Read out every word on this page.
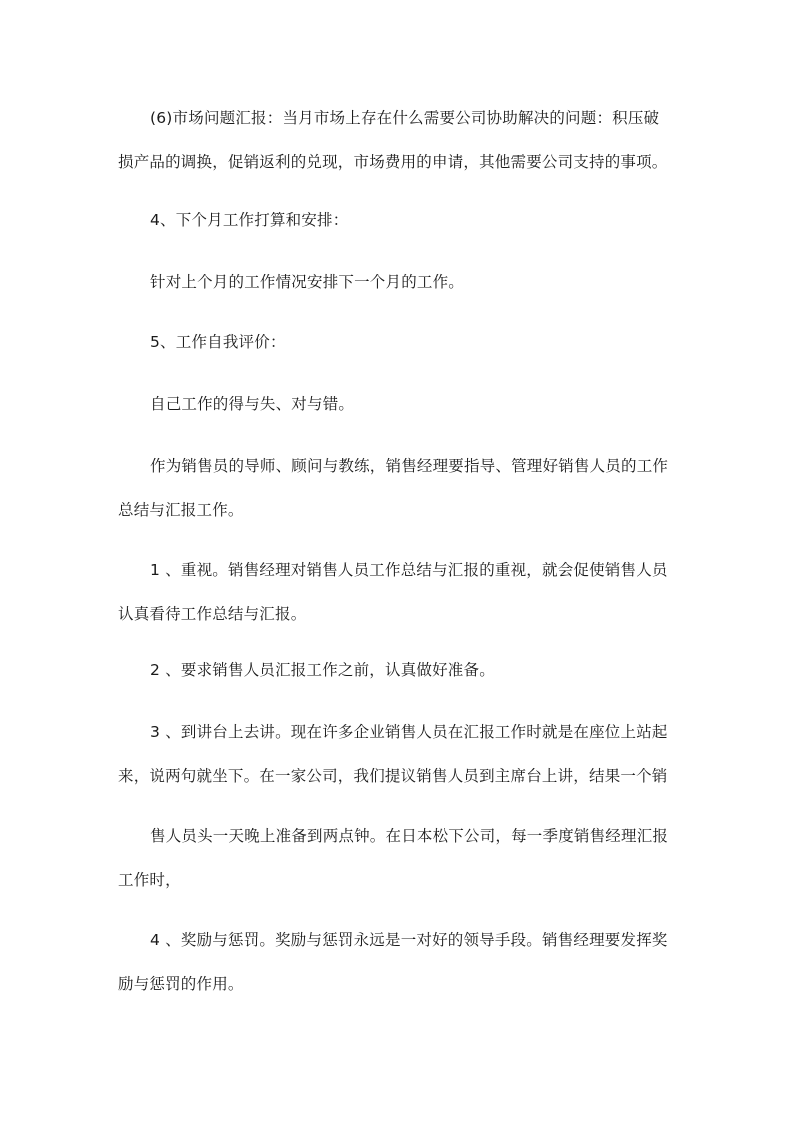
(6)市场问题汇报：当月市场上存在什么需要公司协助解决的问题：积压破
损产品的调换，促销返利的兑现，市场费用的申请，其他需要公司支持的事项。
4、下个月工作打算和安排：
针对上个月的工作情况安排下一个月的工作。
5、工作自我评价：
自己工作的得与失、对与错。
作为销售员的导师、顾问与教练，销售经理要指导、管理好销售人员的工作
总结与汇报工作。
1 、重视。销售经理对销售人员工作总结与汇报的重视，就会促使销售人员
认真看待工作总结与汇报。
2 、要求销售人员汇报工作之前，认真做好准备。
3 、到讲台上去讲。现在许多企业销售人员在汇报工作时就是在座位上站起
来，说两句就坐下。在一家公司，我们提议销售人员到主席台上讲，结果一个销
售人员头一天晚上准备到两点钟。在日本松下公司，每一季度销售经理汇报
工作时，
4 、奖励与惩罚。奖励与惩罚永远是一对好的领导手段。销售经理要发挥奖
励与惩罚的作用。
